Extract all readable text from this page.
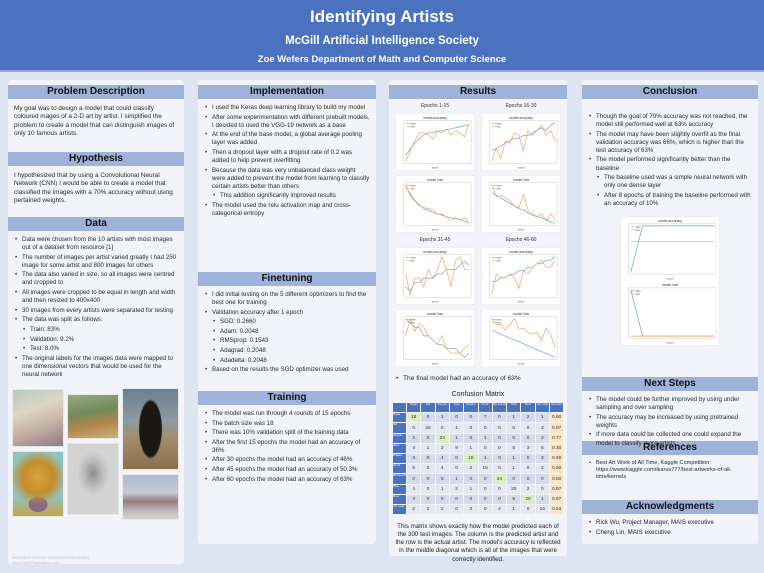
Identifying Artists
McGill Artificial Intelligence Society
Zoe Wefers Department of Math and Computer Science
Problem Description
My goal was to design a model that could classify coloured mages of a 2-D art by artist. I simplified the problem to create a model that can distinguish images of only 10 famous artists.
Hypothesis
I hypothesized that by using a Convolutional Neural Network (CNN) I would be able to create a model that classified the images with a 70% accuracy without using pertained weights.
Data
• Data were chosen from the 10 artists with most images out of a dataset from resource [1]
• The number of images per artist varied greatly I had 250 image for some artist and 800 images for others
• The data also varied in size, so all images were centred and cropped to
• All images were cropped to be equal in length and width and then resized to 400x400
• 30 images from every artists were separated for testing
• The data was split as follows:
• Train: 83%
• Validation: 9.2%
• Test: 8.0%
• The original labels for the images data were mapped to one dimensional vectors that would be used for the neural network
Implementation
• I used the Keras deep learning library to build my model
• After some experimentation with different prebuilt models, I decided to used the VGG-19 network as a base
• At the end of the base model, a global average pooling layer was added
• Then a dropout layer with a dropout rate of 0.2 was added to help prevent overfitting
• Because the data was very unbalanced class weight were added to prevent the model from learning to classify certain artists better than others
• This addition significantly improved results
• The model used the relu activation map and cross-categorical entropy
Finetuning
• I did initial testing on the 5 different optimizers to find the best one for training
• Validation accuracy after 1 epoch
• SGD: 0.2660
• Adam: 0.2048
• RMSprop: 0.1543
• Adagrad: 0.2048
• Adadelta: 0.2048
• Based on the results the SGD optimizer was used
Training
• The model was run through 4 rounds of 15 epochs
• The batch size was 18
• There was 10% validation split of the training data
• After the first 15 epochs the model had an accuracy of 36%
• After 30 epochs the model had an accuracy of 46%
• After 45 epochs the model had an accuracy of 50.3%
• After 60 epochs the model had an accuracy of 63%
Results
Epochs 1-15	Epochs 16-30
model accuracy
train
test
epoch
model accuracy
train
test
epoch
model loss
train
test
epoch
model loss
train
test
epoch
Epochs 31-45	Epochs 46-60
model accuracy
train
test
epoch
model accuracy
train
test
epoch
model loss
train
test
epoch
model loss
train
test
epoch
• The final model had an accuracy of 63%
Confusion Matrix
	Degas	Dali	Gauguin	Goya	Picasso	Renoir	Rembrandt	Titian	Durer	Van Gogh	Accuracy
Degas	18	0	1	0	0	7	0	1	2	1	0.60
Dali	0	26	0	1	0	0	0	0	0	3	0.87
Gauguin	2	0	23	1	0	1	0	0	0	3	0.77
Goya	4	1	2	9	1	0	0	5	3	5	0.30
Picasso	3	0	4	0	18	1	0	1	0	3	0.60
Renoir	6	0	4	0	2	15	0	1	0	2	0.50
Rembrandt	0	0	5	1	0	0	24	0	0	0	0.80
Titian	4	0	1	2	1	0	0	20	2	0	0.67
Durer	4	0	0	0	0	0	0	5	20	1	0.67
Van Gogh	2	2	2	0	3	0	4	1	0	16	0.53
This matrix shows exactly how the model predicted each of the 300 test images. The column is the predicted artist and the row is the actual artist. The model's accuracy is reflected in the middle diagonal which is all of the images that were correctly identified.
Conclusion
• Though the goal of 70% accuracy was not reached, the model still performed well at 63% accuracy
• The model may have been slightly overfit as the final validation accuracy was 66%, which is higher than the test accuracy of 63%
• The model performed significantly better than the baseline
• The baseline used was a simple neural network with only one dense layer
• After 8 epochs of training the baseline performed with an accuracy of 10%
model accuracy
train
test
epoch
model loss
train
test
epoch
Next Steps
• The model could be further improved by using under sampling and over sampling
• The accuracy may be increased by using pretrained weights
• If more data could be collected one could expand the model to classify more artists.
References
• Best Art Work of All Time, Kaggle Competition: https://www.kaggle.com/ikarus777/best-artworks-of-all-time/kernels
Acknowledgments
• Rick Wu, Project Manager, MAIS executive
• Cheng Lin, MAIS executive
RESEARCH POSTER PRESENTATION DESIGN
www.PosterPresentations.com
